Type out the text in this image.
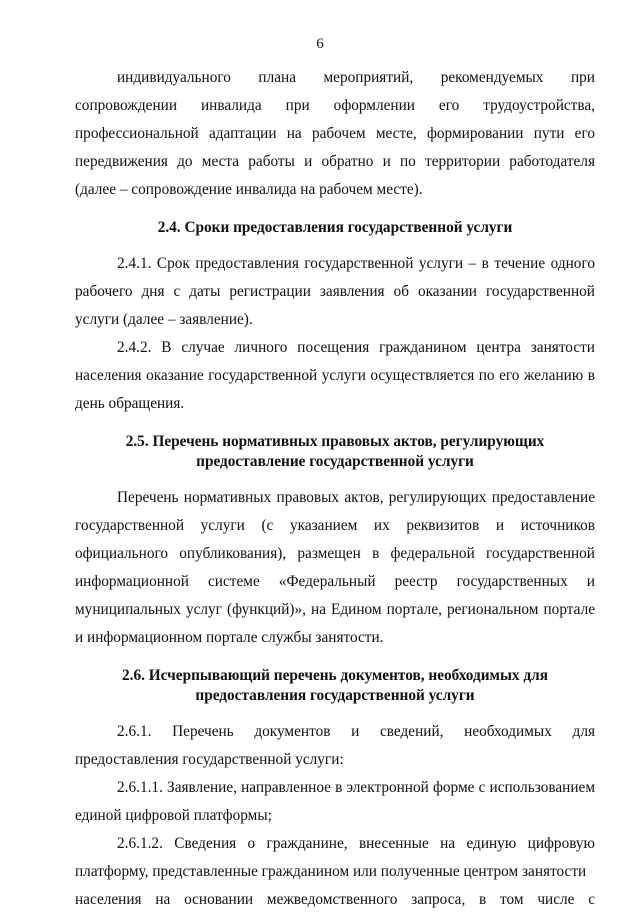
6

индивидуального плана мероприятий, рекомендуемых при

сопровождении инвалида при оформлении его трудоустройства,

профессиональной адаптации на рабочем месте, формировании пути его

передвижения до места работы и обратно и по территории работодателя

(далее – сопровождение инвалида на рабочем месте).

2.4. Сроки предоставления государственной услуги

2.4.1. Срок предоставления государственной услуги – в течение одного рабочего дня с даты регистрации заявления об оказании государственной услуги (далее – заявление).

2.4.2. В случае личного посещения гражданином центра занятости населения оказание государственной услуги осуществляется по его желанию в день обращения.

2.5. Перечень нормативных правовых актов, регулирующих
предоставление государственной услуги

Перечень нормативных правовых актов, регулирующих предоставление государственной услуги (с указанием их реквизитов и источников официального опубликования), размещен в федеральной государственной информационной системе «Федеральный реестр государственных и муниципальных услуг (функций)», на Едином портале, региональном портале и информационном портале службы занятости.

2.6. Исчерпывающий перечень документов, необходимых для
предоставления государственной услуги

2.6.1. Перечень документов и сведений, необходимых для предоставления государственной услуги:

2.6.1.1. Заявление, направленное в электронной форме с использованием единой цифровой платформы;

2.6.1.2. Сведения о гражданине, внесенные на единую цифровую платформу, представленные гражданином или полученные центром занятости

населения на основании межведомственного запроса, в том числе с
